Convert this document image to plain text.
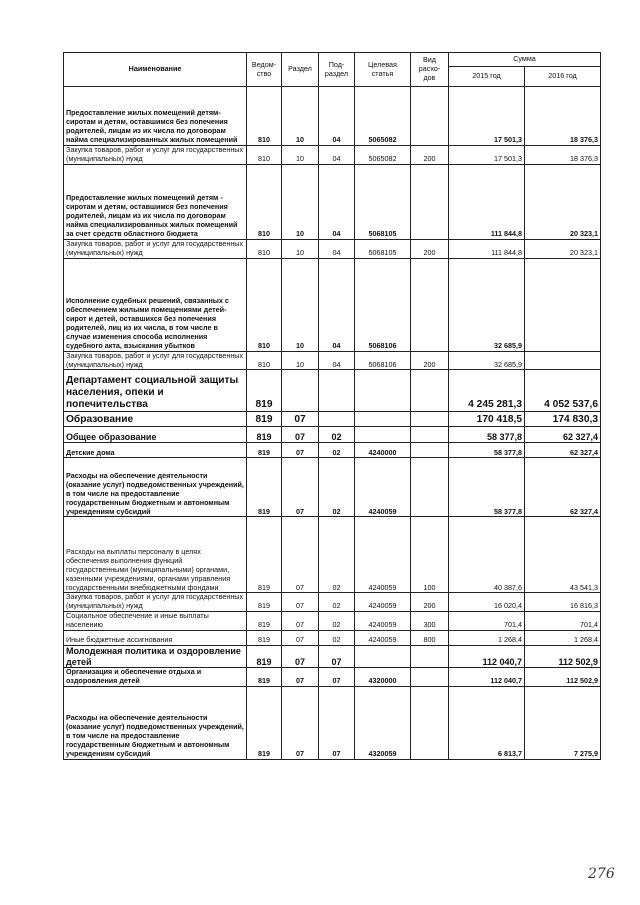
Наименование	Ведом-ство	Раздел	Под-раздел	Целевая статья	Вид расхо-дов	Сумма	
						2015 год	2016 год
Предоставление жилых помещений детям-сиротам и детям, оставшимся без попечения родителей, лицам из их числа по договорам найма специализированных жилых помещений	810	10	04	5065082		17 501,3	18 376,3
Закупка товаров, работ и услуг для государственных (муниципальных) нужд	810	10	04	5065082	200	17 501,3	18 376,3
Предоставление жилых помещений детям - сиротам и детям, оставшимся без попечения родителей, лицам из их числа по договорам найма специализированных жилых помещений за счет средств областного бюджета	810	10	04	5068105		111 844,8	20 323,1
Закупка товаров, работ и услуг для государственных (муниципальных) нужд	810	10	04	5068105	200	111 844,8	20 323,1
Исполнение судебных решений, связанных с обеспечением жилыми помещениями детей-сирот и детей, оставшихся без попечения родителей, лиц из их числа, в том числе в случае изменения способа исполнения судебного акта, взыскания убытков	810	10	04	5068106		32 685,9	
Закупка товаров, работ и услуг для государственных (муниципальных) нужд	810	10	04	5068106	200	32 685,9	
Департамент социальной защиты населения, опеки и попечительства	819					4 245 281,3	4 052 537,6
Образование	819	07				170 418,5	174 830,3
Общее образование	819	07	02			58 377,8	62 327,4
Детские дома	819	07	02	4240000		58 377,8	62 327,4
Расходы на обеспечение деятельности (оказание услуг) подведомственных учреждений, в том числе на предоставление государственным бюджетным и автономным учреждениям субсидий	819	07	02	4240059		58 377,8	62 327,4
Расходы на выплаты персоналу в целях обеспечения выполнения функций государственными (муниципальными) органами, казенными учреждениями, органами управления государственными внебюджетными фондами	819	07	02	4240059	100	40 387,6	43 541,3
Закупка товаров, работ и услуг для государственных (муниципальных) нужд	819	07	02	4240059	200	16 020,4	16 816,3
Социальное обеспечение и иные выплаты населению	819	07	02	4240059	300	701,4	701,4
Иные бюджетные ассигнования	819	07	02	4240059	800	1 268,4	1 268,4
Молодежная политика и оздоровление детей	819	07	07			112 040,7	112 502,9
Организация и обеспечение отдыха и оздоровления детей	819	07	07	4320000		112 040,7	112 502,9
Расходы на обеспечение деятельности (оказание услуг) подведомственных учреждений, в том числе на предоставление государственным бюджетным и автономным учреждениям субсидий	819	07	07	4320059		6 813,7	7 275,9
276
